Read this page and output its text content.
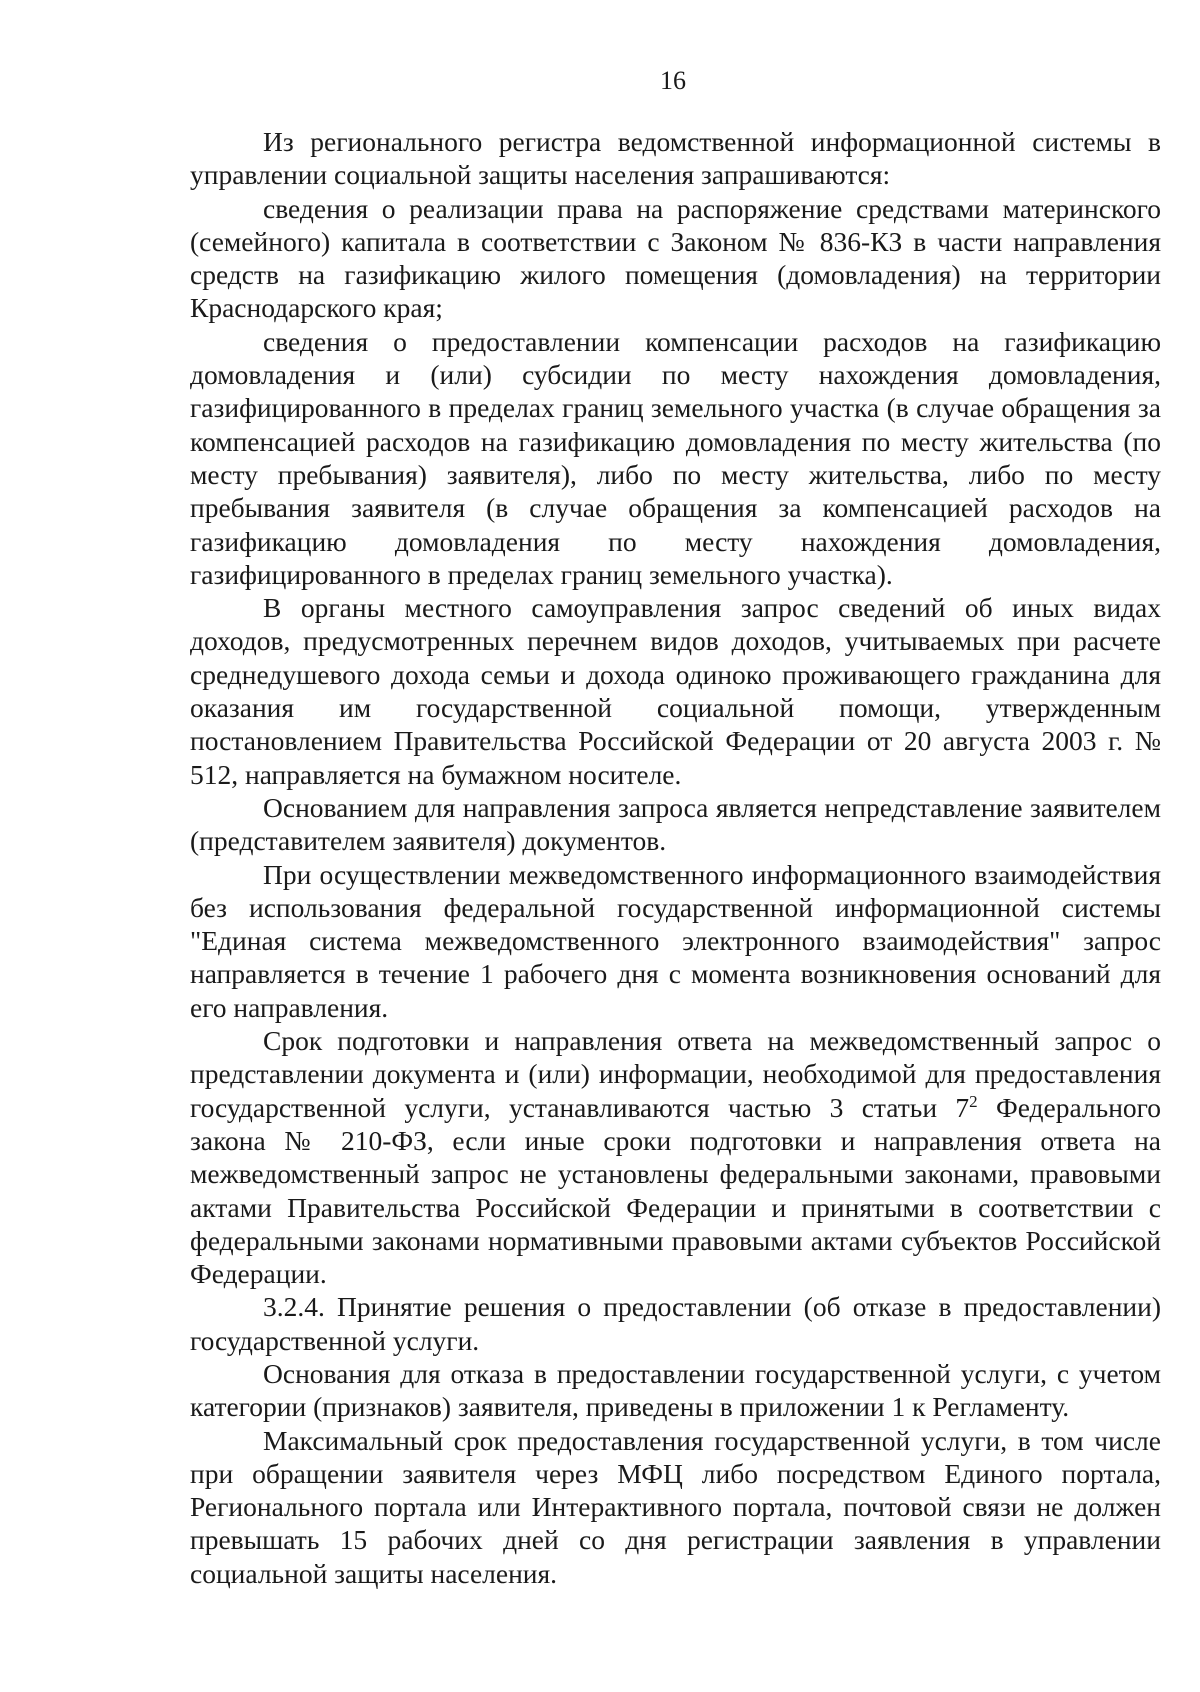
16

Из регионального регистра ведомственной информационной системы в управлении социальной защиты населения запрашиваются:

сведения о реализации права на распоряжение средствами материнского (семейного) капитала в соответствии с Законом № 836-КЗ в части направления средств на газификацию жилого помещения (домовладения) на территории Краснодарского края;

сведения о предоставлении компенсации расходов на газификацию домовладения и (или) субсидии по месту нахождения домовладения, газифицированного в пределах границ земельного участка (в случае обращения за компенсацией расходов на газификацию домовладения по месту жительства (по месту пребывания) заявителя), либо по месту жительства, либо по месту пребывания заявителя (в случае обращения за компенсацией расходов на газификацию домовладения по месту нахождения домовладения, газифицированного в пределах границ земельного участка).

В органы местного самоуправления запрос сведений об иных видах доходов, предусмотренных перечнем видов доходов, учитываемых при расчете среднедушевого дохода семьи и дохода одиноко проживающего гражданина для оказания им государственной социальной помощи, утвержденным постановлением Правительства Российской Федерации от 20 августа 2003 г. № 512, направляется на бумажном носителе.

Основанием для направления запроса является непредставление заявителем (представителем заявителя) документов.

При осуществлении межведомственного информационного взаимодействия без использования федеральной государственной информационной системы "Единая система межведомственного электронного взаимодействия" запрос направляется в течение 1 рабочего дня с момента возникновения оснований для его направления.

Срок подготовки и направления ответа на межведомственный запрос о представлении документа и (или) информации, необходимой для предоставления государственной услуги, устанавливаются частью 3 статьи $7^2$ Федерального закона № 210-ФЗ, если иные сроки подготовки и направления ответа на межведомственный запрос не установлены федеральными законами, правовыми актами Правительства Российской Федерации и принятыми в соответствии с федеральными законами нормативными правовыми актами субъектов Российской Федерации.

3.2.4. Принятие решения о предоставлении (об отказе в предоставлении) государственной услуги.

Основания для отказа в предоставлении государственной услуги, с учетом категории (признаков) заявителя, приведены в приложении 1 к Регламенту.

Максимальный срок предоставления государственной услуги, в том числе при обращении заявителя через МФЦ либо посредством Единого портала, Регионального портала или Интерактивного портала, почтовой связи не должен превышать 15 рабочих дней со дня регистрации заявления в управлении социальной защиты населения.
